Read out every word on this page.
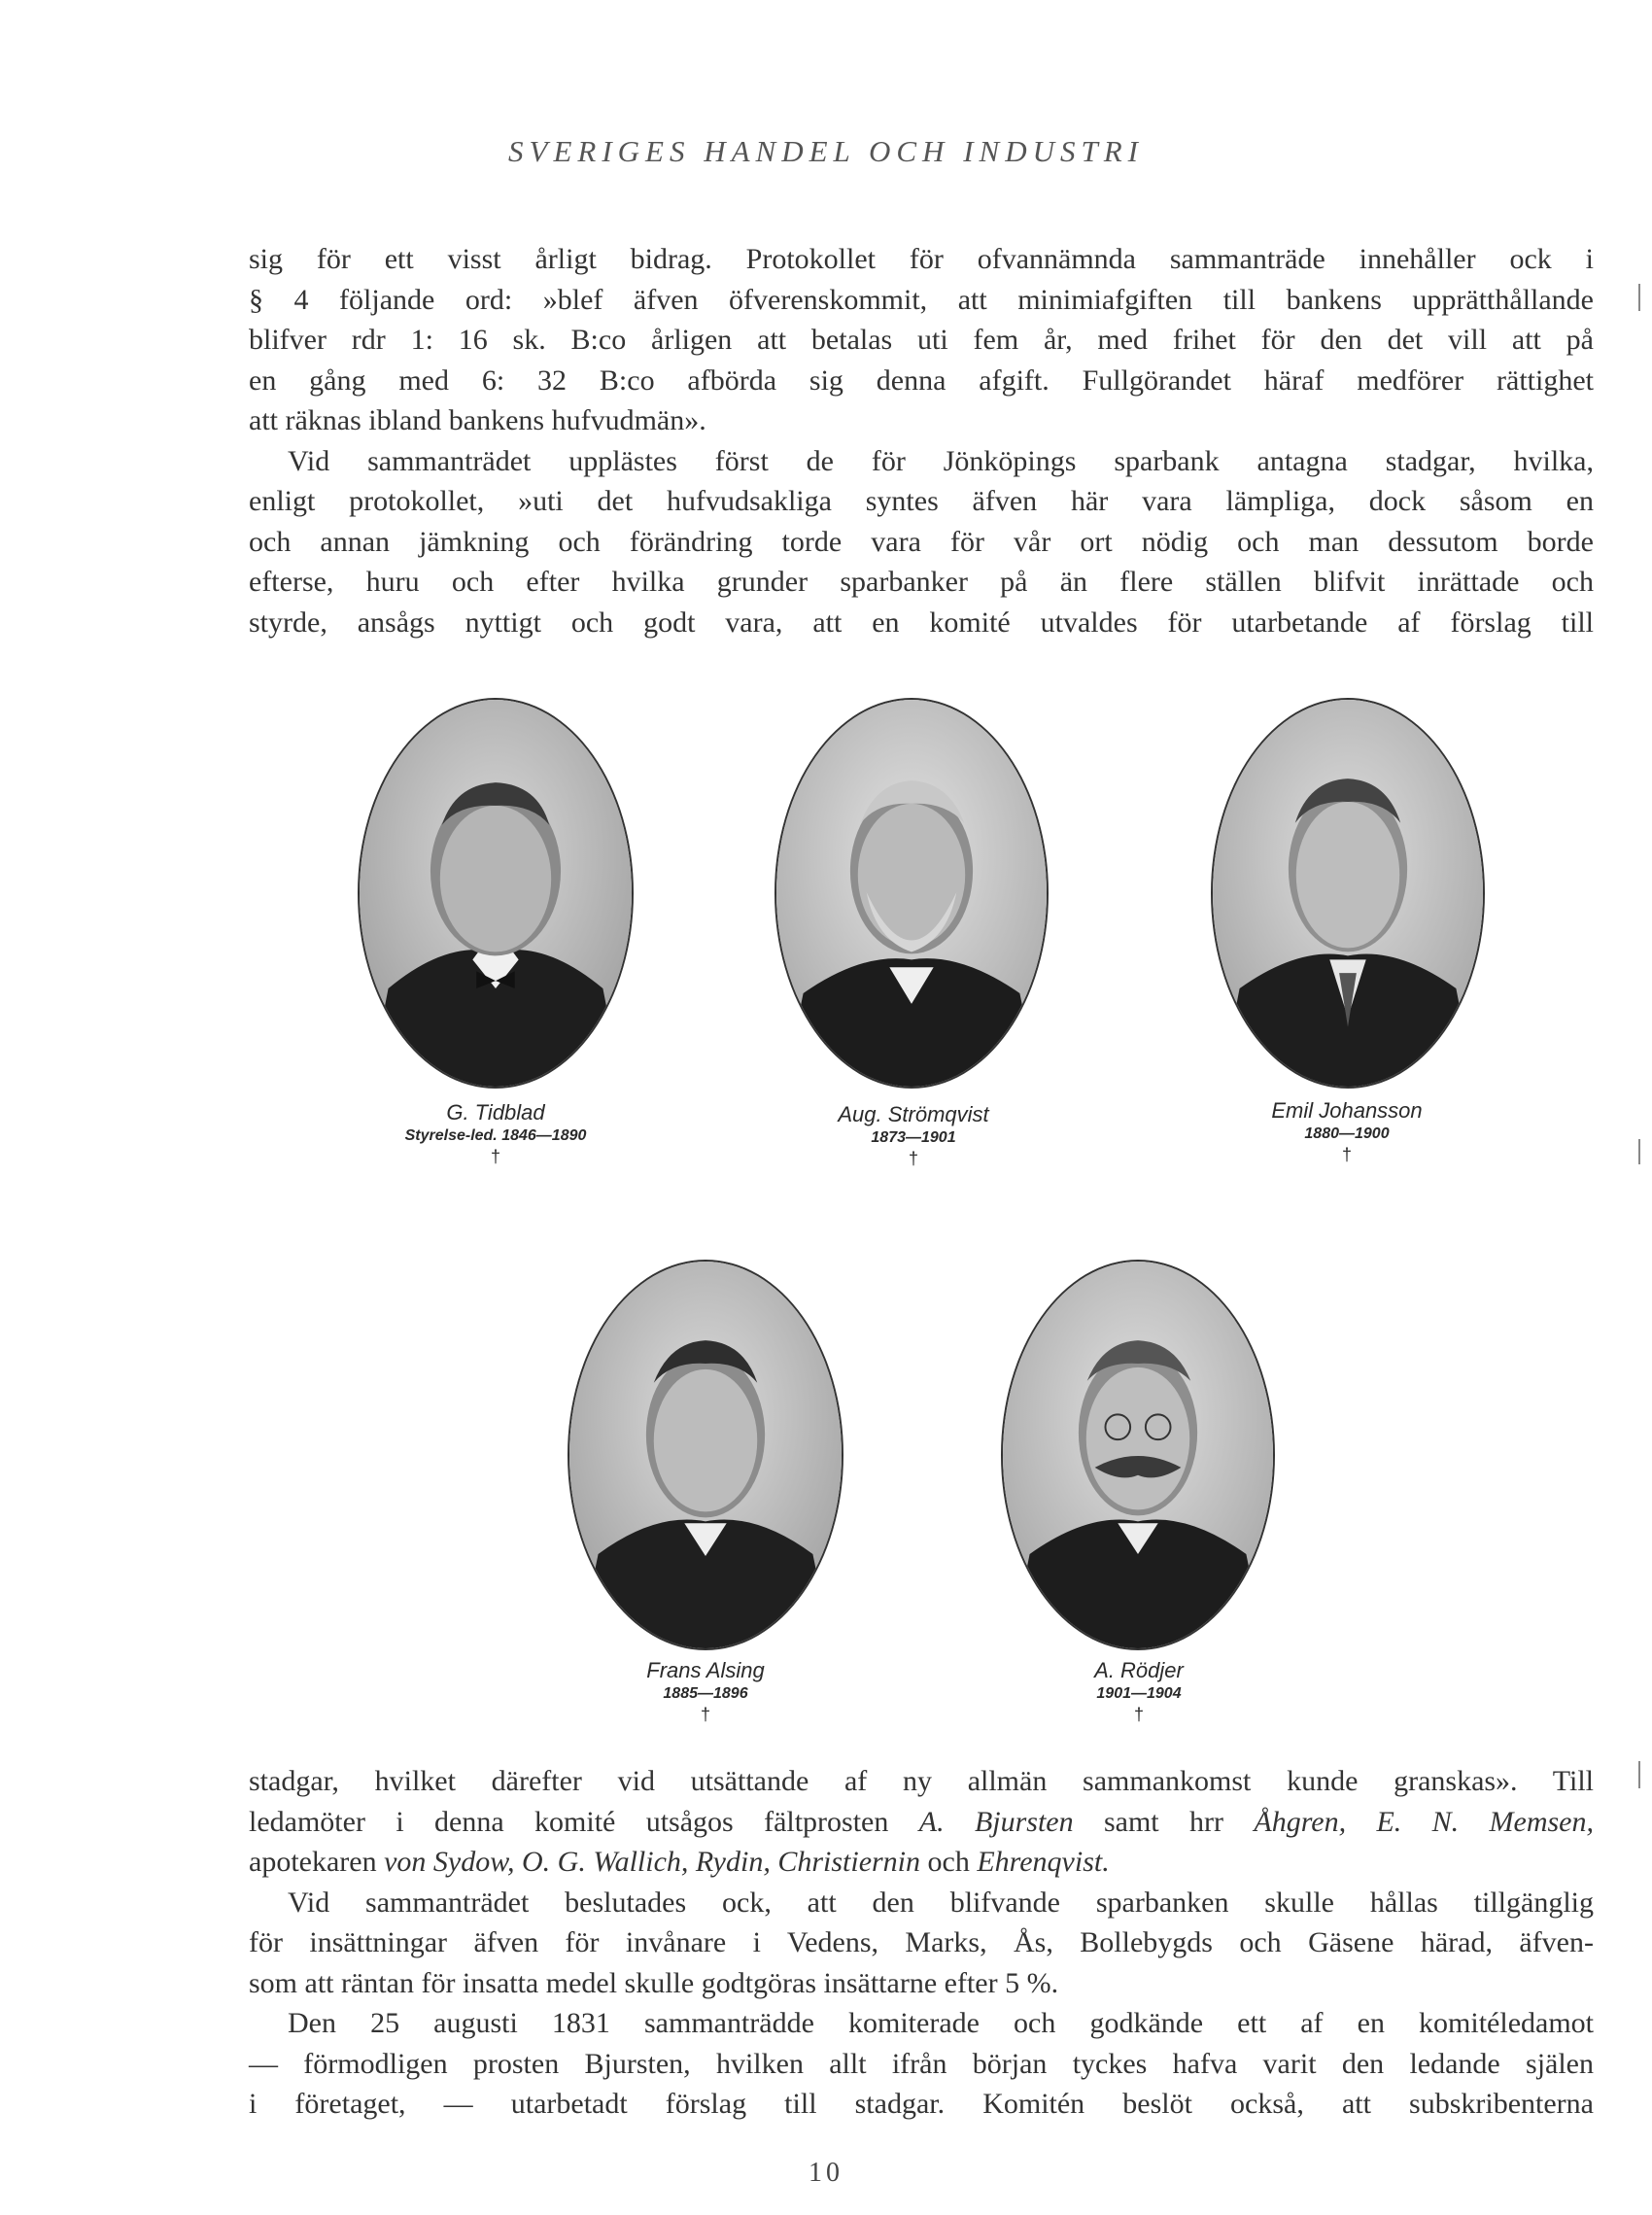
SVERIGES HANDEL OCH INDUSTRI
sig för ett visst årligt bidrag. Protokollet för ofvannämnda sammanträde innehåller ock i
§ 4 följande ord: »blef äfven öfverenskommit, att minimiafgiften till bankens upprätthållande
blifver rdr 1: 16 sk. B:co årligen att betalas uti fem år, med frihet för den det vill att på
en gång med 6: 32 B:co afbörda sig denna afgift. Fullgörandet häraf medförer rättighet
att räknas ibland bankens hufvudmän».
Vid sammanträdet upplästes först de för Jönköpings sparbank antagna stadgar, hvilka,
enligt protokollet, »uti det hufvudsakliga syntes äfven här vara lämpliga, dock såsom en
och annan jämkning och förändring torde vara för vår ort nödig och man dessutom borde
efterse, huru och efter hvilka grunder sparbanker på än flere ställen blifvit inrättade och
styrde, ansågs nyttigt och godt vara, att en komité utvaldes för utarbetande af förslag till
G. Tidblad
Styrelse-led. 1846—1890
†
Aug. Strömqvist
1873—1901
†
Emil Johansson
1880—1900
†
Frans Alsing
1885—1896
†
A. Rödjer
1901—1904
†
stadgar, hvilket därefter vid utsättande af ny allmän sammankomst kunde granskas». Till
ledamöter i denna komité utsågos fältprosten A. Bjursten samt hrr Åhgren, E. N. Memsen,
apotekaren von Sydow, O. G. Wallich, Rydin, Christiernin och Ehrenqvist.
Vid sammanträdet beslutades ock, att den blifvande sparbanken skulle hållas tillgänglig
för insättningar äfven för invånare i Vedens, Marks, Ås, Bollebygds och Gäsene härad, äfven-
som att räntan för insatta medel skulle godtgöras insättarne efter 5 %.
Den 25 augusti 1831 sammanträdde komiterade och godkände ett af en komitéledamot
— förmodligen prosten Bjursten, hvilken allt ifrån början tyckes hafva varit den ledande själen
i företaget, — utarbetadt förslag till stadgar. Komitén beslöt också, att subskribenterna
10
